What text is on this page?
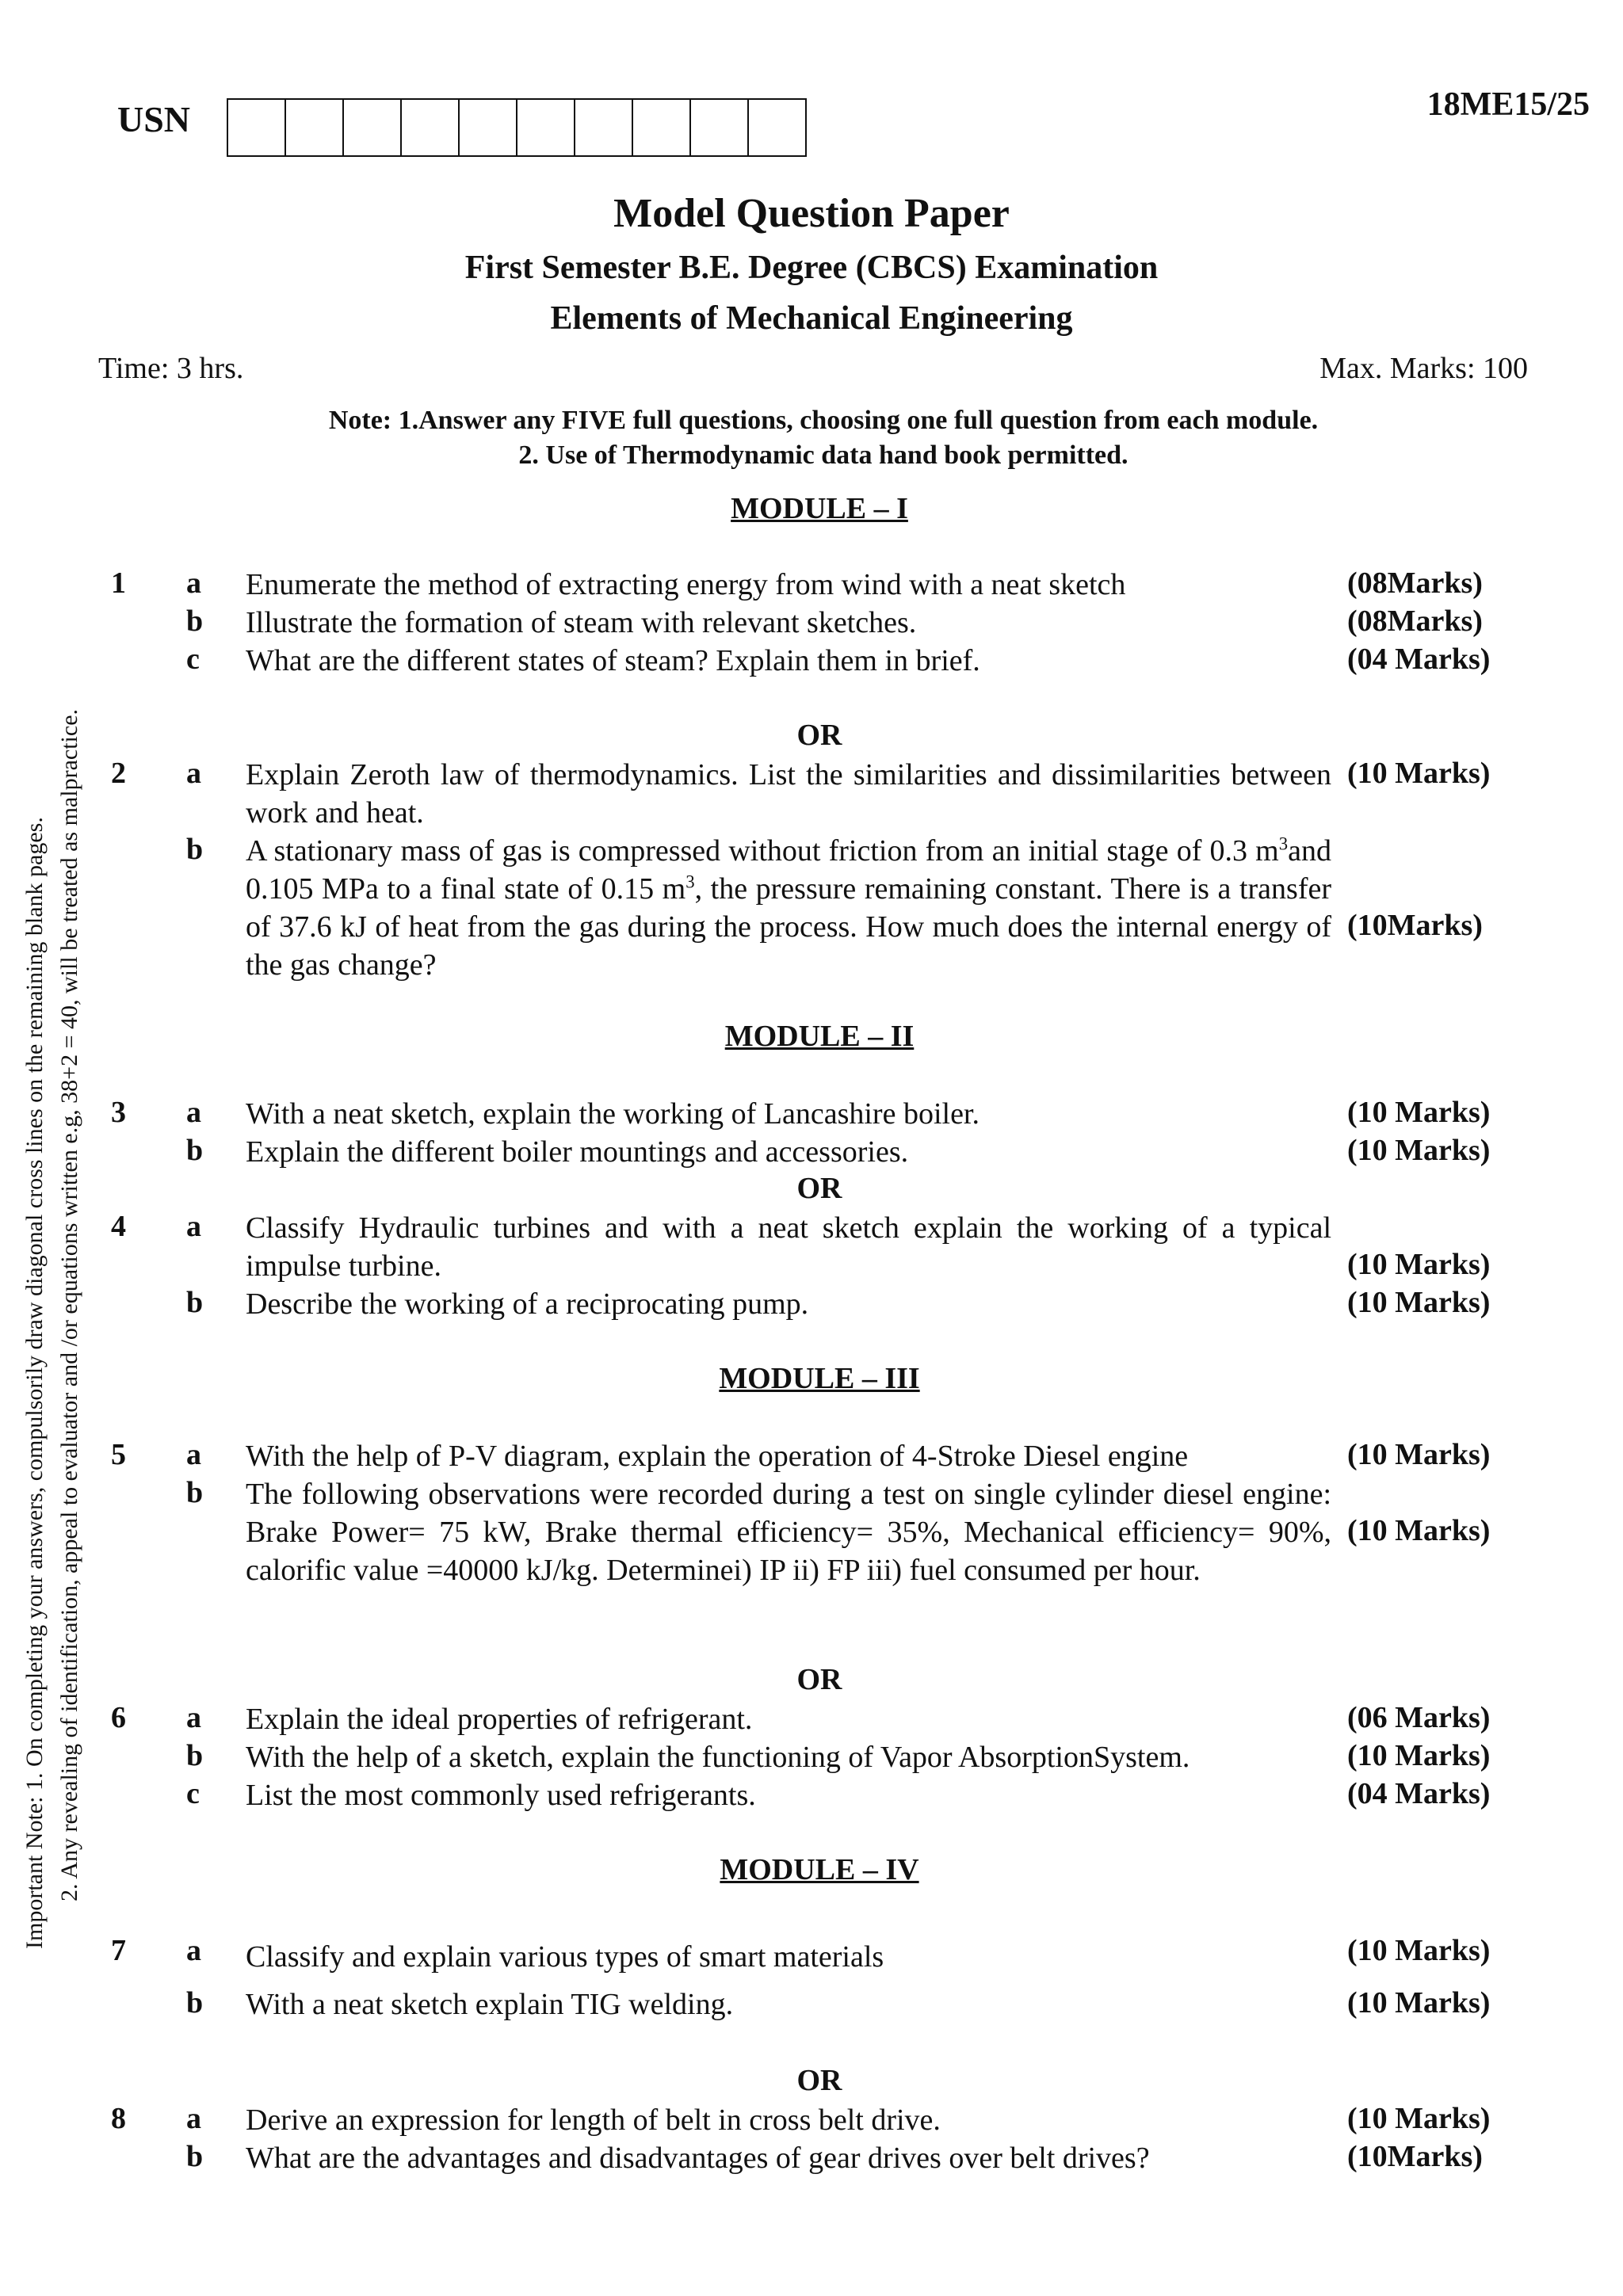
USN	18ME15/25
Model Question Paper
First Semester B.E. Degree (CBCS) Examination
Elements of Mechanical Engineering
Time: 3 hrs.	Max. Marks: 100
Note: 1.Answer any FIVE full questions, choosing one full question from each module.
2. Use of Thermodynamic data hand book permitted.
Important Note: 1. On completing your answers, compulsorily draw diagonal cross lines on the remaining blank pages. 2. Any revealing of identification, appeal to evaluator and /or equations written e.g, 38+2 = 40, will be treated as malpractice.
MODULE – I
1 a Enumerate the method of extracting energy from wind with a neat sketch	(08Marks)
b Illustrate the formation of steam with relevant sketches.	(08Marks)
c What are the different states of steam? Explain them in brief.	(04 Marks)
OR
2 a Explain Zeroth law of thermodynamics. List the similarities and dissimilarities between work and heat.
(10 Marks)
b A stationary mass of gas is compressed without friction from an initial stage of 0.3 $m^3and$ 0.105 MPa to a final state of 0.15 $m^3$, the pressure remaining constant. There is a transfer of 37.6 kJ of heat from the gas during the process. How much does the internal energy of the gas change?
(10Marks)
MODULE – II
3 a With a neat sketch, explain the working of Lancashire boiler.	(10 Marks)
b Explain the different boiler mountings and accessories.	(10 Marks)
OR
4 a Classify Hydraulic turbines and with a neat sketch explain the working of a typical impulse turbine.	(10 Marks)
b Describe the working of a reciprocating pump.	(10 Marks)
MODULE – III
5 a With the help of P-V diagram, explain the operation of 4-Stroke Diesel engine	(10 Marks)
b The following observations were recorded during a test on single cylinder diesel engine: Brake Power= 75 kW, Brake thermal efficiency= 35%, Mechanical efficiency= 90%, calorific value =40000 kJ/kg. Determinei) IP ii) FP iii) fuel consumed per hour.
(10 Marks)
OR
6 a Explain the ideal properties of refrigerant.	(06 Marks)
b With the help of a sketch, explain the functioning of Vapor AbsorptionSystem.	(10 Marks)
c List the most commonly used refrigerants.	(04 Marks)
MODULE – IV
7 a Classify and explain various types of smart materials	(10 Marks)
b With a neat sketch explain TIG welding.	(10 Marks)
OR
8 a Derive an expression for length of belt in cross belt drive.	(10 Marks)
b What are the advantages and disadvantages of gear drives over belt drives?	(10Marks)
